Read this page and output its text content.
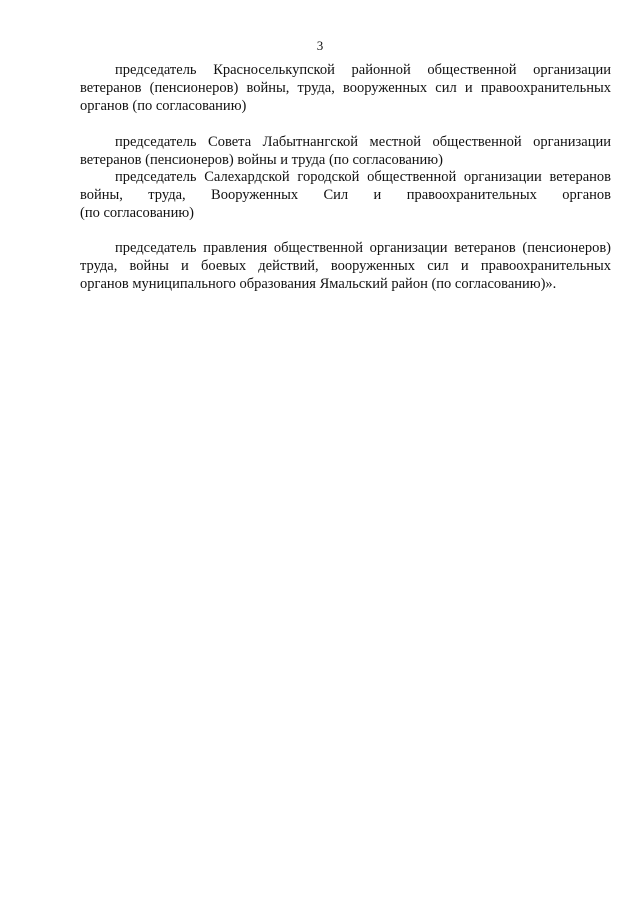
3
председатель Красноселькупской районной общественной организации
ветеранов (пенсионеров) войны, труда, вооруженных сил и правоохранительных
органов (по согласованию)
председатель Совета Лабытнангской местной общественной организации
ветеранов (пенсионеров) войны и труда (по согласованию)
председатель Салехардской городской общественной организации ветеранов
войны, труда, Вооруженных Сил и правоохранительных органов
(по согласованию)
председатель правления общественной организации ветеранов (пенсионеров)
труда, войны и боевых действий, вооруженных сил и правоохранительных
органов муниципального образования Ямальский район (по согласованию)».
